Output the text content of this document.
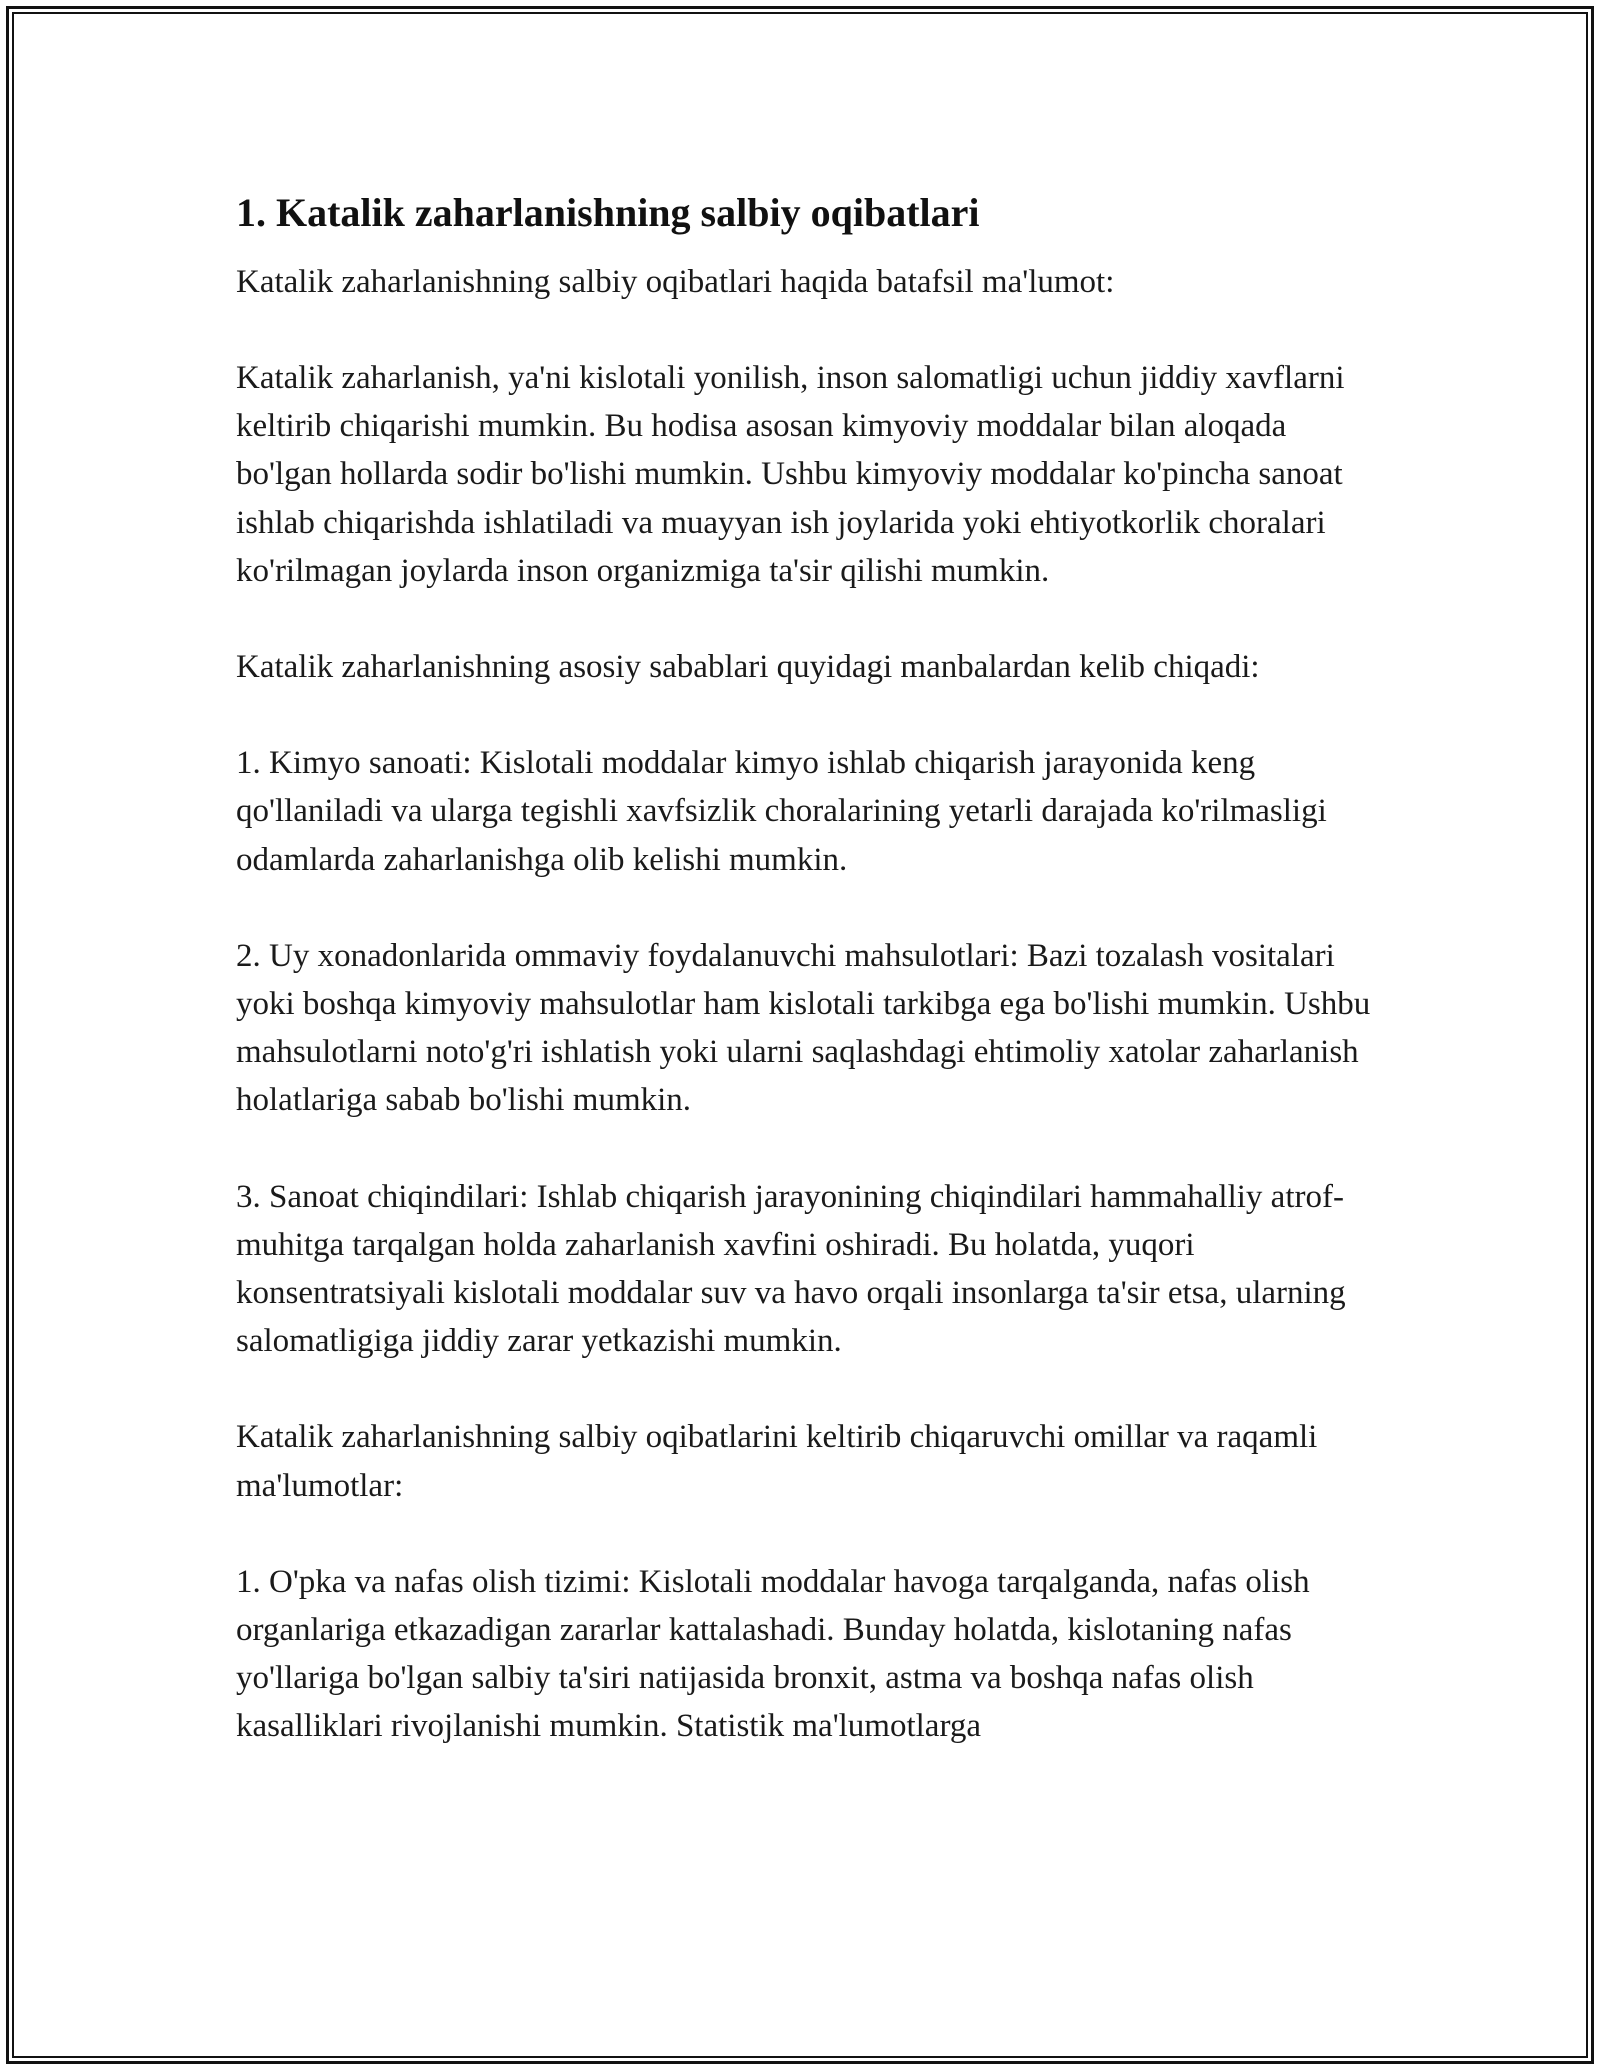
1. Katalik zaharlanishning salbiy oqibatlari

Katalik zaharlanishning salbiy oqibatlari haqida batafsil ma'lumot:

Katalik zaharlanish, ya'ni kislotali yonilish, inson salomatligi uchun jiddiy xavflarni keltirib chiqarishi mumkin. Bu hodisa asosan kimyoviy moddalar bilan aloqada bo'lgan hollarda sodir bo'lishi mumkin. Ushbu kimyoviy moddalar ko'pincha sanoat ishlab chiqarishda ishlatiladi va muayyan ish joylarida yoki ehtiyotkorlik choralari ko'rilmagan joylarda inson organizmiga ta'sir qilishi mumkin.

Katalik zaharlanishning asosiy sabablari quyidagi manbalardan kelib chiqadi:

1. Kimyo sanoati: Kislotali moddalar kimyo ishlab chiqarish jarayonida keng qo'llaniladi va ularga tegishli xavfsizlik choralarining yetarli darajada ko'rilmasligi odamlarda zaharlanishga olib kelishi mumkin.

2. Uy xonadonlarida ommaviy foydalanuvchi mahsulotlari: Bazi tozalash vositalari yoki boshqa kimyoviy mahsulotlar ham kislotali tarkibga ega bo'lishi mumkin. Ushbu mahsulotlarni noto'g'ri ishlatish yoki ularni saqlashdagi ehtimoliy xatolar zaharlanish holatlariga sabab bo'lishi mumkin.

3. Sanoat chiqindilari: Ishlab chiqarish jarayonining chiqindilari hammahalliy atrof-muhitga tarqalgan holda zaharlanish xavfini oshiradi. Bu holatda, yuqori konsentratsiyali kislotali moddalar suv va havo orqali insonlarga ta'sir etsa, ularning salomatligiga jiddiy zarar yetkazishi mumkin.

Katalik zaharlanishning salbiy oqibatlarini keltirib chiqaruvchi omillar va raqamli ma'lumotlar:

1. O'pka va nafas olish tizimi: Kislotali moddalar havoga tarqalganda, nafas olish organlariga etkazadigan zararlar kattalashadi. Bunday holatda, kislotaning nafas yo'llariga bo'lgan salbiy ta'siri natijasida bronxit, astma va boshqa nafas olish kasalliklari rivojlanishi mumkin. Statistik ma'lumotlarga
